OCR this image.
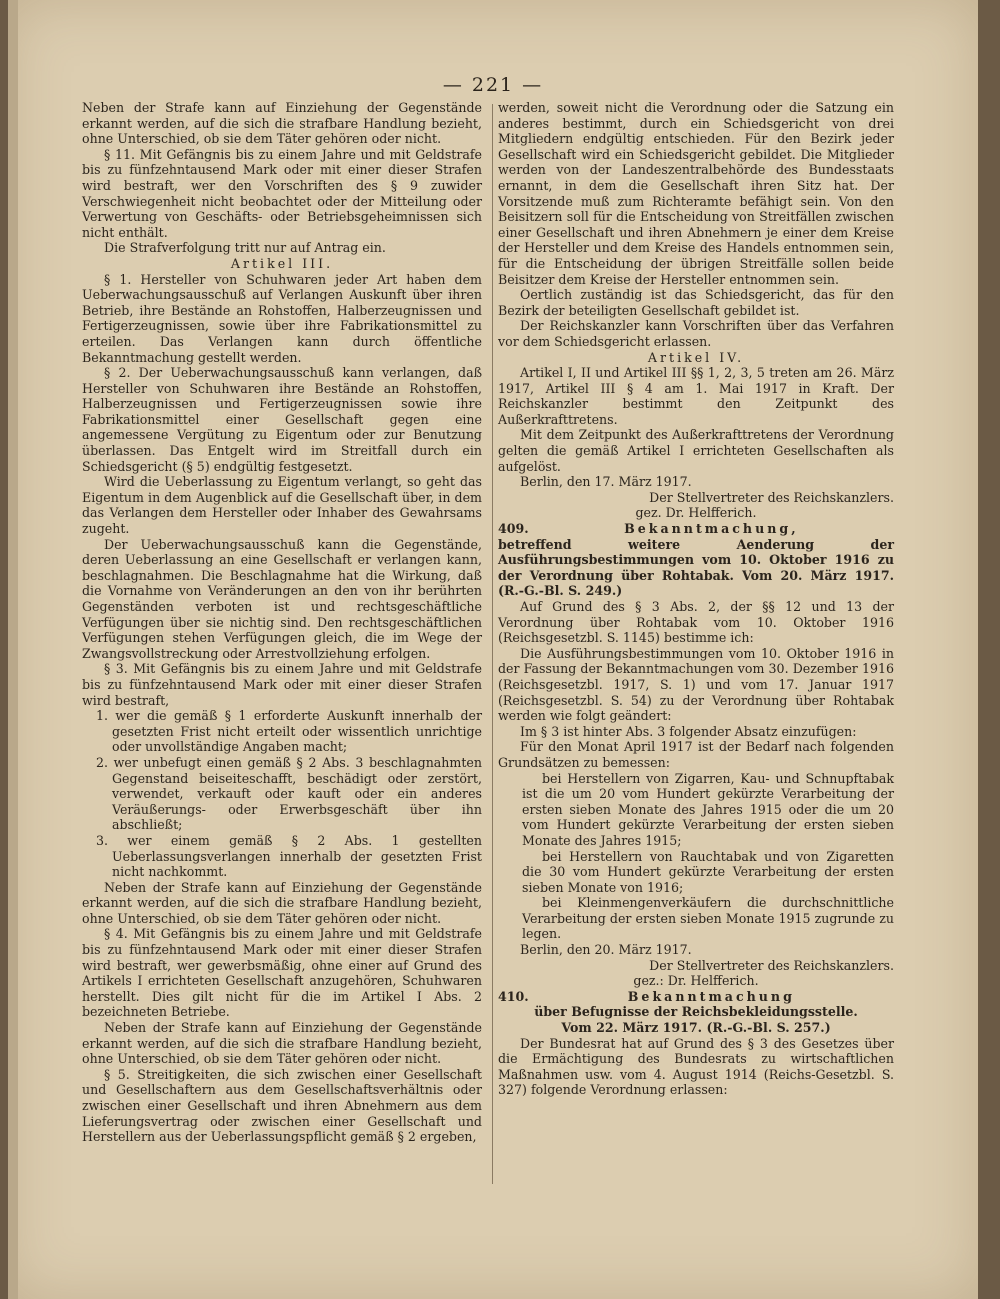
— 221 —

Neben der Strafe kann auf Einziehung der Gegenstände erkannt werden, auf die sich die strafbare Handlung bezieht, ohne Unterschied, ob sie dem Täter gehören oder nicht.

§ 11. Mit Gefängnis bis zu einem Jahre und mit Geldstrafe bis zu fünfzehntausend Mark oder mit einer dieser Strafen wird bestraft, wer den Vorschriften des § 9 zuwider Verschwiegenheit nicht beobachtet oder der Mitteilung oder Verwertung von Geschäfts- oder Betriebsgeheimnissen sich nicht enthält.

Die Strafverfolgung tritt nur auf Antrag ein.

Artikel III.

§ 1. Hersteller von Schuhwaren jeder Art haben dem Ueberwachungsausschuß auf Verlangen Auskunft über ihren Betrieb, ihre Bestände an Rohstoffen, Halberzeugnissen und Fertigerzeugnissen, sowie über ihre Fabrikationsmittel zu erteilen. Das Verlangen kann durch öffentliche Bekanntmachung gestellt werden.

§ 2. Der Ueberwachungsausschuß kann verlangen, daß Hersteller von Schuhwaren ihre Bestände an Rohstoffen, Halberzeugnissen und Fertigerzeugnissen sowie ihre Fabrikationsmittel einer Gesellschaft gegen eine angemessene Vergütung zu Eigentum oder zur Benutzung überlassen. Das Entgelt wird im Streitfall durch ein Schiedsgericht (§ 5) endgültig festgesetzt.

Wird die Ueberlassung zu Eigentum verlangt, so geht das Eigentum in dem Augenblick auf die Gesellschaft über, in dem das Verlangen dem Hersteller oder Inhaber des Gewahrsams zugeht.

Der Ueberwachungsausschuß kann die Gegenstände, deren Ueberlassung an eine Gesellschaft er verlangen kann, beschlagnahmen. Die Beschlagnahme hat die Wirkung, daß die Vornahme von Veränderungen an den von ihr berührten Gegenständen verboten ist und rechtsgeschäftliche Verfügungen über sie nichtig sind. Den rechtsgeschäftlichen Verfügungen stehen Verfügungen gleich, die im Wege der Zwangsvollstreckung oder Arrestvollziehung erfolgen.

§ 3. Mit Gefängnis bis zu einem Jahre und mit Geldstrafe bis zu fünfzehntausend Mark oder mit einer dieser Strafen wird bestraft,

1. wer die gemäß § 1 erforderte Auskunft innerhalb der gesetzten Frist nicht erteilt oder wissentlich unrichtige oder unvollständige Angaben macht;

2. wer unbefugt einen gemäß § 2 Abs. 3 beschlagnahmten Gegenstand beiseiteschafft, beschädigt oder zerstört, verwendet, verkauft oder kauft oder ein anderes Veräußerungs- oder Erwerbsgeschäft über ihn abschließt;

3. wer einem gemäß § 2 Abs. 1 gestellten Ueberlassungsverlangen innerhalb der gesetzten Frist nicht nachkommt.

Neben der Strafe kann auf Einziehung der Gegenstände erkannt werden, auf die sich die strafbare Handlung bezieht, ohne Unterschied, ob sie dem Täter gehören oder nicht.

§ 4. Mit Gefängnis bis zu einem Jahre und mit Geldstrafe bis zu fünfzehntausend Mark oder mit einer dieser Strafen wird bestraft, wer gewerbsmäßig, ohne einer auf Grund des Artikels I errichteten Gesellschaft anzugehören, Schuhwaren herstellt. Dies gilt nicht für die im Artikel I Abs. 2 bezeichneten Betriebe.

Neben der Strafe kann auf Einziehung der Gegenstände erkannt werden, auf die sich die strafbare Handlung bezieht, ohne Unterschied, ob sie dem Täter gehören oder nicht.

§ 5. Streitigkeiten, die sich zwischen einer Gesellschaft und Gesellschaftern aus dem Gesellschaftsverhältnis oder zwischen einer Gesellschaft und ihren Abnehmern aus dem Lieferungsvertrag oder zwischen einer Gesellschaft und Herstellern aus der Ueberlassungspflicht gemäß § 2 ergeben,

werden, soweit nicht die Verordnung oder die Satzung ein anderes bestimmt, durch ein Schiedsgericht von drei Mitgliedern endgültig entschieden. Für den Bezirk jeder Gesellschaft wird ein Schiedsgericht gebildet. Die Mitglieder werden von der Landeszentralbehörde des Bundesstaats ernannt, in dem die Gesellschaft ihren Sitz hat. Der Vorsitzende muß zum Richteramte befähigt sein. Von den Beisitzern soll für die Entscheidung von Streitfällen zwischen einer Gesellschaft und ihren Abnehmern je einer dem Kreise der Hersteller und dem Kreise des Handels entnommen sein, für die Entscheidung der übrigen Streitfälle sollen beide Beisitzer dem Kreise der Hersteller entnommen sein.

Oertlich zuständig ist das Schiedsgericht, das für den Bezirk der beteiligten Gesellschaft gebildet ist.

Der Reichskanzler kann Vorschriften über das Verfahren vor dem Schiedsgericht erlassen.

Artikel IV.

Artikel I, II und Artikel III §§ 1, 2, 3, 5 treten am 26. März 1917, Artikel III § 4 am 1. Mai 1917 in Kraft. Der Reichskanzler bestimmt den Zeitpunkt des Außerkrafttretens.

Mit dem Zeitpunkt des Außerkrafttretens der Verordnung gelten die gemäß Artikel I errichteten Gesellschaften als aufgelöst.

Berlin, den 17. März 1917.

Der Stellvertreter des Reichskanzlers.

gez. Dr. Helfferich.

409.	Bekanntmachung,

betreffend weitere Aenderung der Ausführungsbestimmungen vom 10. Oktober 1916 zu der Verordnung über Rohtabak. Vom 20. März 1917. (R.-G.-Bl. S. 249.)

Auf Grund des § 3 Abs. 2, der §§ 12 und 13 der Verordnung über Rohtabak vom 10. Oktober 1916 (Reichsgesetzbl. S. 1145) bestimme ich:

Die Ausführungsbestimmungen vom 10. Oktober 1916 in der Fassung der Bekanntmachungen vom 30. Dezember 1916 (Reichsgesetzbl. 1917, S. 1) und vom 17. Januar 1917 (Reichsgesetzbl. S. 54) zu der Verordnung über Rohtabak werden wie folgt geändert:

Im § 3 ist hinter Abs. 3 folgender Absatz einzufügen:

Für den Monat April 1917 ist der Bedarf nach folgenden Grundsätzen zu bemessen:

bei Herstellern von Zigarren, Kau- und Schnupftabak ist die um 20 vom Hundert gekürzte Verarbeitung der ersten sieben Monate des Jahres 1915 oder die um 20 vom Hundert gekürzte Verarbeitung der ersten sieben Monate des Jahres 1915;

bei Herstellern von Rauchtabak und von Zigaretten die 30 vom Hundert gekürzte Verarbeitung der ersten sieben Monate von 1916;

bei Kleinmengenverkäufern die durchschnittliche Verarbeitung der ersten sieben Monate 1915 zugrunde zu legen.

Berlin, den 20. März 1917.

Der Stellvertreter des Reichskanzlers.

gez.: Dr. Helfferich.

410.	Bekanntmachung

über Befugnisse der Reichsbekleidungsstelle.

Vom 22. März 1917. (R.-G.-Bl. S. 257.)

Der Bundesrat hat auf Grund des § 3 des Gesetzes über die Ermächtigung des Bundesrats zu wirtschaftlichen Maßnahmen usw. vom 4. August 1914 (Reichs-Gesetzbl. S. 327) folgende Verordnung erlassen:
